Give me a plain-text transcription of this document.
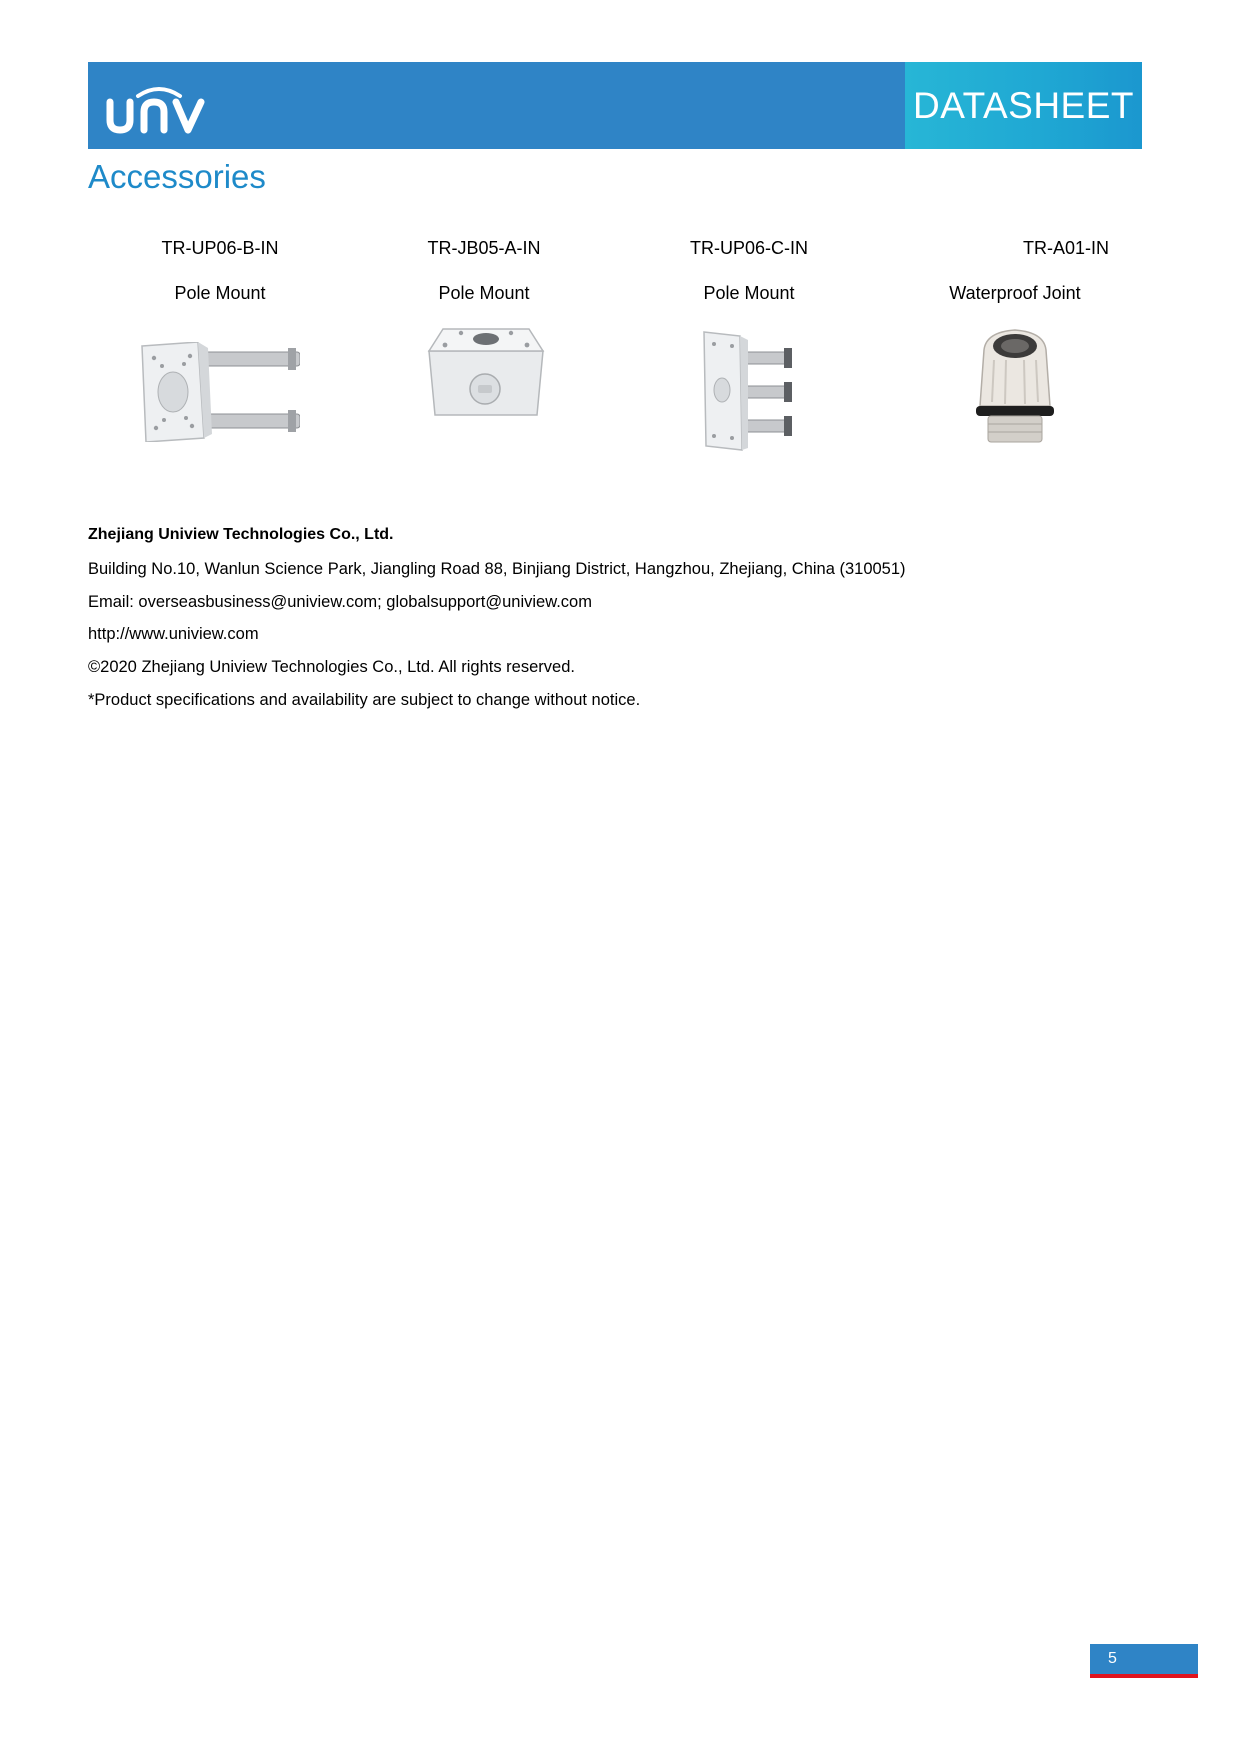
DATASHEET
Accessories
TR-UP06-B-IN	TR-JB05-A-IN	TR-UP06-C-IN	TR-A01-IN
Pole Mount	Pole Mount	Pole Mount	Waterproof Joint
Zhejiang Uniview Technologies Co., Ltd.
Building No.10, Wanlun Science Park, Jiangling Road 88, Binjiang District, Hangzhou, Zhejiang, China (310051)
Email: overseasbusiness@uniview.com; globalsupport@uniview.com
http://www.uniview.com
©2020 Zhejiang Uniview Technologies Co., Ltd. All rights reserved.
*Product specifications and availability are subject to change without notice.
5
